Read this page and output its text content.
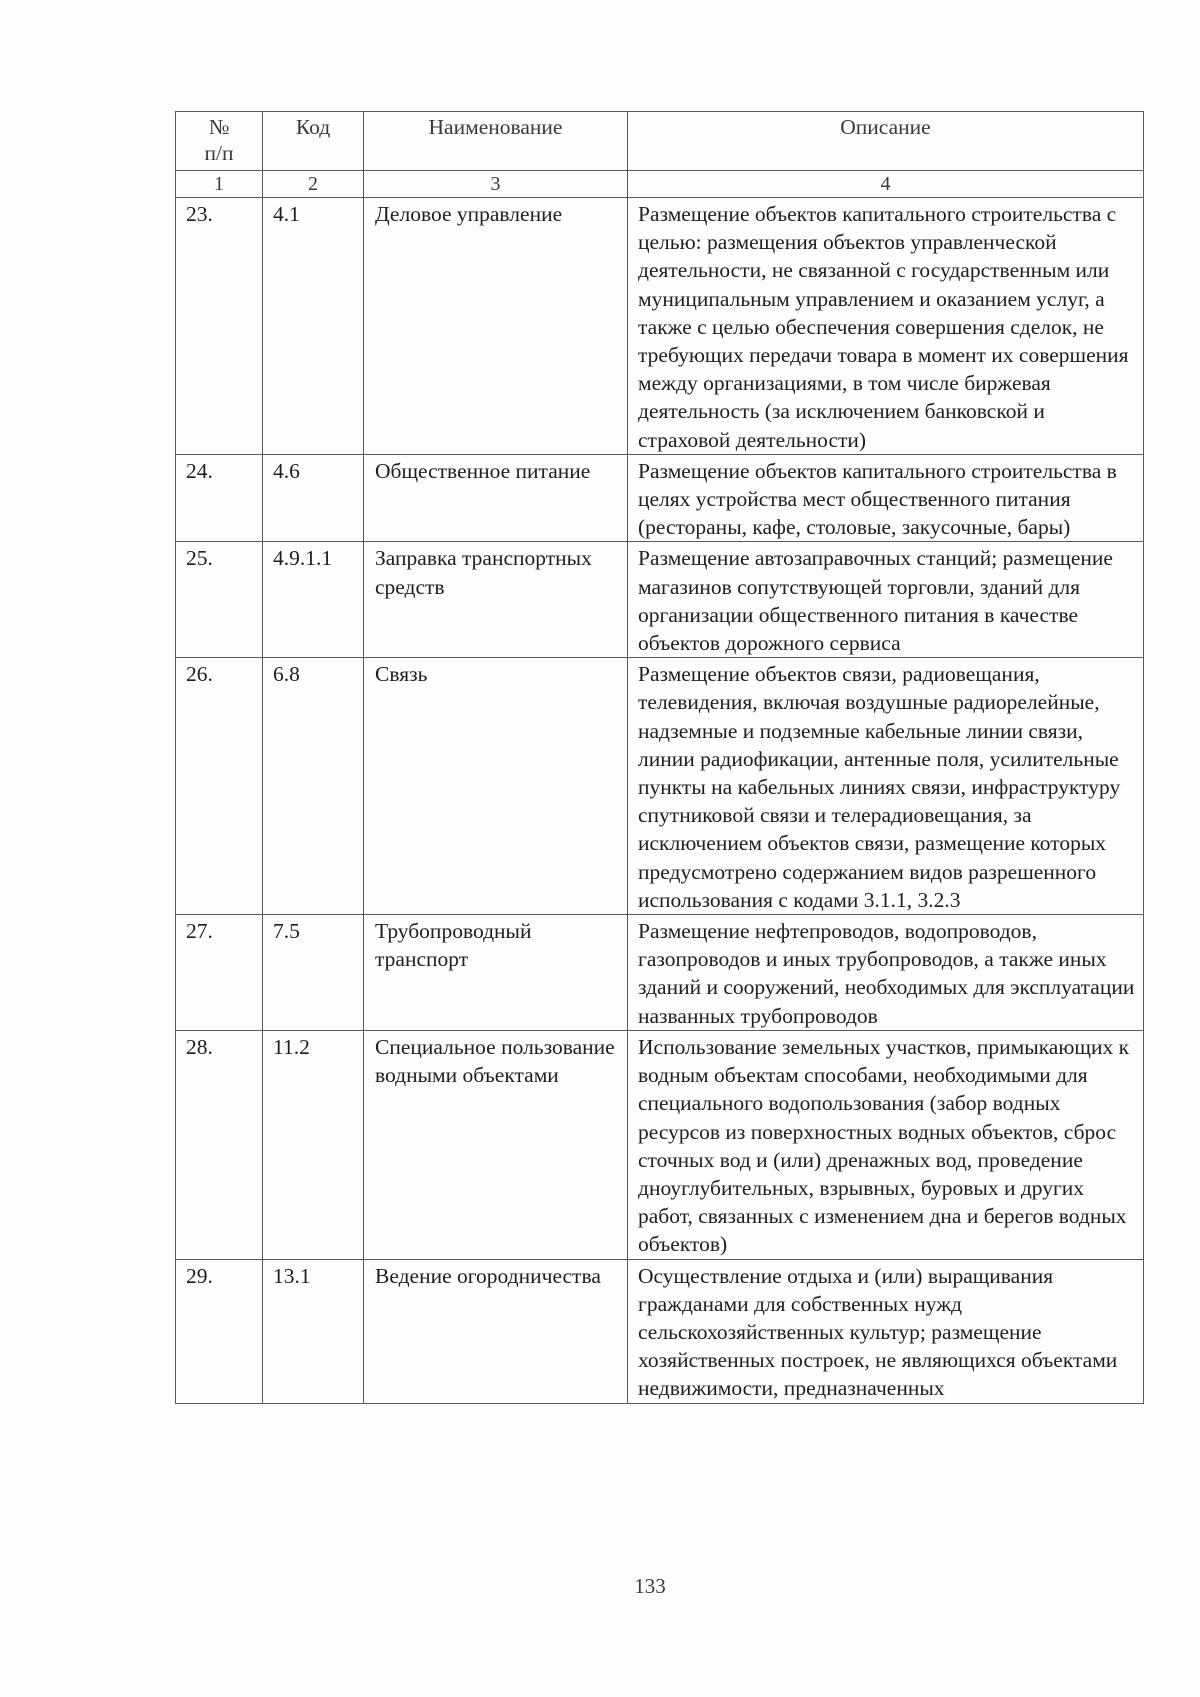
№
п/п	Код	Наименование	Описание
1	2	3	4

23.	4.1	Деловое управление	Размещение объектов капитального строительства с целью: размещения объектов управленческой деятельности, не связанной с государственным или муниципальным управлением и оказанием услуг, а также с целью обеспечения совершения сделок, не требующих передачи товара в момент их совершения между организациями, в том числе биржевая деятельность (за исключением банковской и страховой деятельности)

24.	4.6	Общественное питание	Размещение объектов капитального строительства в целях устройства мест общественного питания (рестораны, кафе, столовые, закусочные, бары)

25.	4.9.1.1	Заправка транспортных средств	Размещение автозаправочных станций; размещение магазинов сопутствующей торговли, зданий для организации общественного питания в качестве объектов дорожного сервиса

26.	6.8	Связь	Размещение объектов связи, радиовещания, телевидения, включая воздушные радиорелейные, надземные и подземные кабельные линии связи, линии радиофикации, антенные поля, усилительные пункты на кабельных линиях связи, инфраструктуру спутниковой связи и телерадиовещания, за исключением объектов связи, размещение которых предусмотрено содержанием видов разрешенного использования с кодами 3.1.1, 3.2.3

27.	7.5	Трубопроводный транспорт	Размещение нефтепроводов, водопроводов, газопроводов и иных трубопроводов, а также иных зданий и сооружений, необходимых для эксплуатации названных трубопроводов

28.	11.2	Специальное пользование водными объектами	Использование земельных участков, примыкающих к водным объектам способами, необходимыми для специального водопользования (забор водных ресурсов из поверхностных водных объектов, сброс сточных вод и (или) дренажных вод, проведение дноуглубительных, взрывных, буровых и других работ, связанных с изменением дна и берегов водных объектов)

29.	13.1	Ведение огородничества	Осуществление отдыха и (или) выращивания гражданами для собственных нужд сельскохозяйственных культур; размещение хозяйственных построек, не являющихся объектами недвижимости, предназначенных
133
